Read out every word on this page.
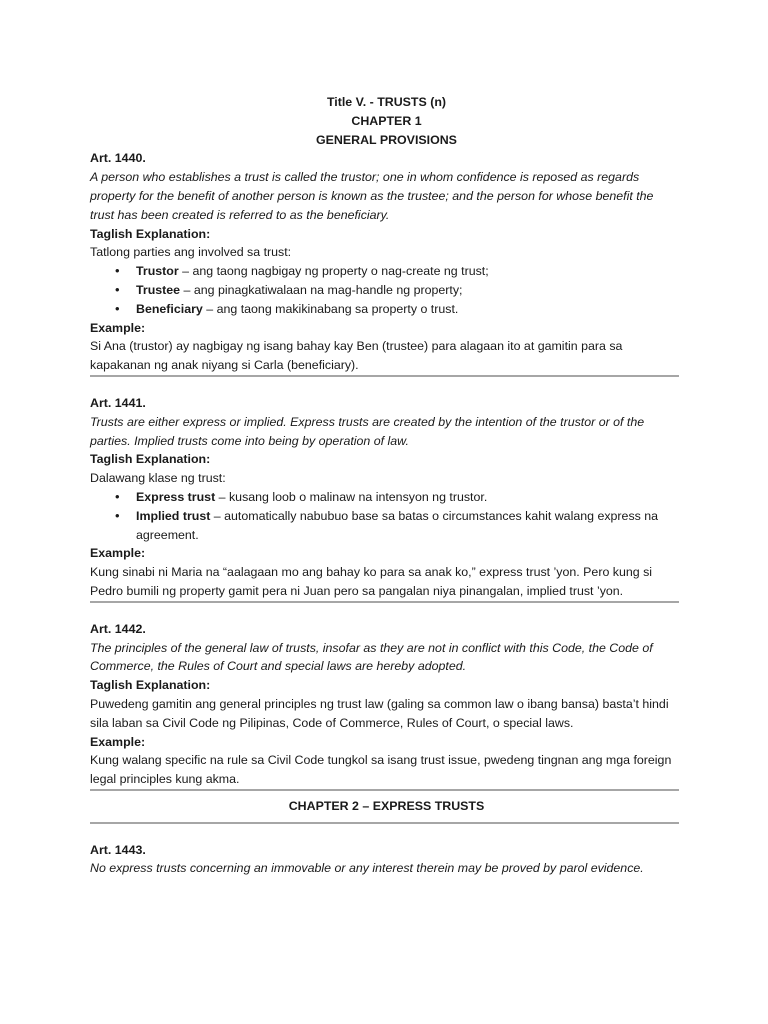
Title V. - TRUSTS (n)
CHAPTER 1
GENERAL PROVISIONS

Art. 1440.

A person who establishes a trust is called the trustor; one in whom confidence is reposed as regards property for the benefit of another person is known as the trustee; and the person for whose benefit the trust has been created is referred to as the beneficiary.

Taglish Explanation:

Tatlong parties ang involved sa trust:

• Trustor – ang taong nagbigay ng property o nag-create ng trust;
• Trustee – ang pinagkatiwalaan na mag-handle ng property;
• Beneficiary – ang taong makikinabang sa property o trust.

Example:

Si Ana (trustor) ay nagbigay ng isang bahay kay Ben (trustee) para alagaan ito at gamitin para sa kapakanan ng anak niyang si Carla (beneficiary).

Art. 1441.

Trusts are either express or implied. Express trusts are created by the intention of the trustor or of the parties. Implied trusts come into being by operation of law.

Taglish Explanation:

Dalawang klase ng trust:

• Express trust – kusang loob o malinaw na intensyon ng trustor.
• Implied trust – automatically nabubuo base sa batas o circumstances kahit walang express na agreement.

Example:

Kung sinabi ni Maria na “aalagaan mo ang bahay ko para sa anak ko,” express trust ’yon. Pero kung si Pedro bumili ng property gamit pera ni Juan pero sa pangalan niya pinangalan, implied trust ’yon.

Art. 1442.

The principles of the general law of trusts, insofar as they are not in conflict with this Code, the Code of Commerce, the Rules of Court and special laws are hereby adopted.

Taglish Explanation:

Puwedeng gamitin ang general principles ng trust law (galing sa common law o ibang bansa) basta’t hindi sila laban sa Civil Code ng Pilipinas, Code of Commerce, Rules of Court, o special laws.

Example:

Kung walang specific na rule sa Civil Code tungkol sa isang trust issue, pwedeng tingnan ang mga foreign legal principles kung akma.

CHAPTER 2 – EXPRESS TRUSTS

Art. 1443.

No express trusts concerning an immovable or any interest therein may be proved by parol evidence.
